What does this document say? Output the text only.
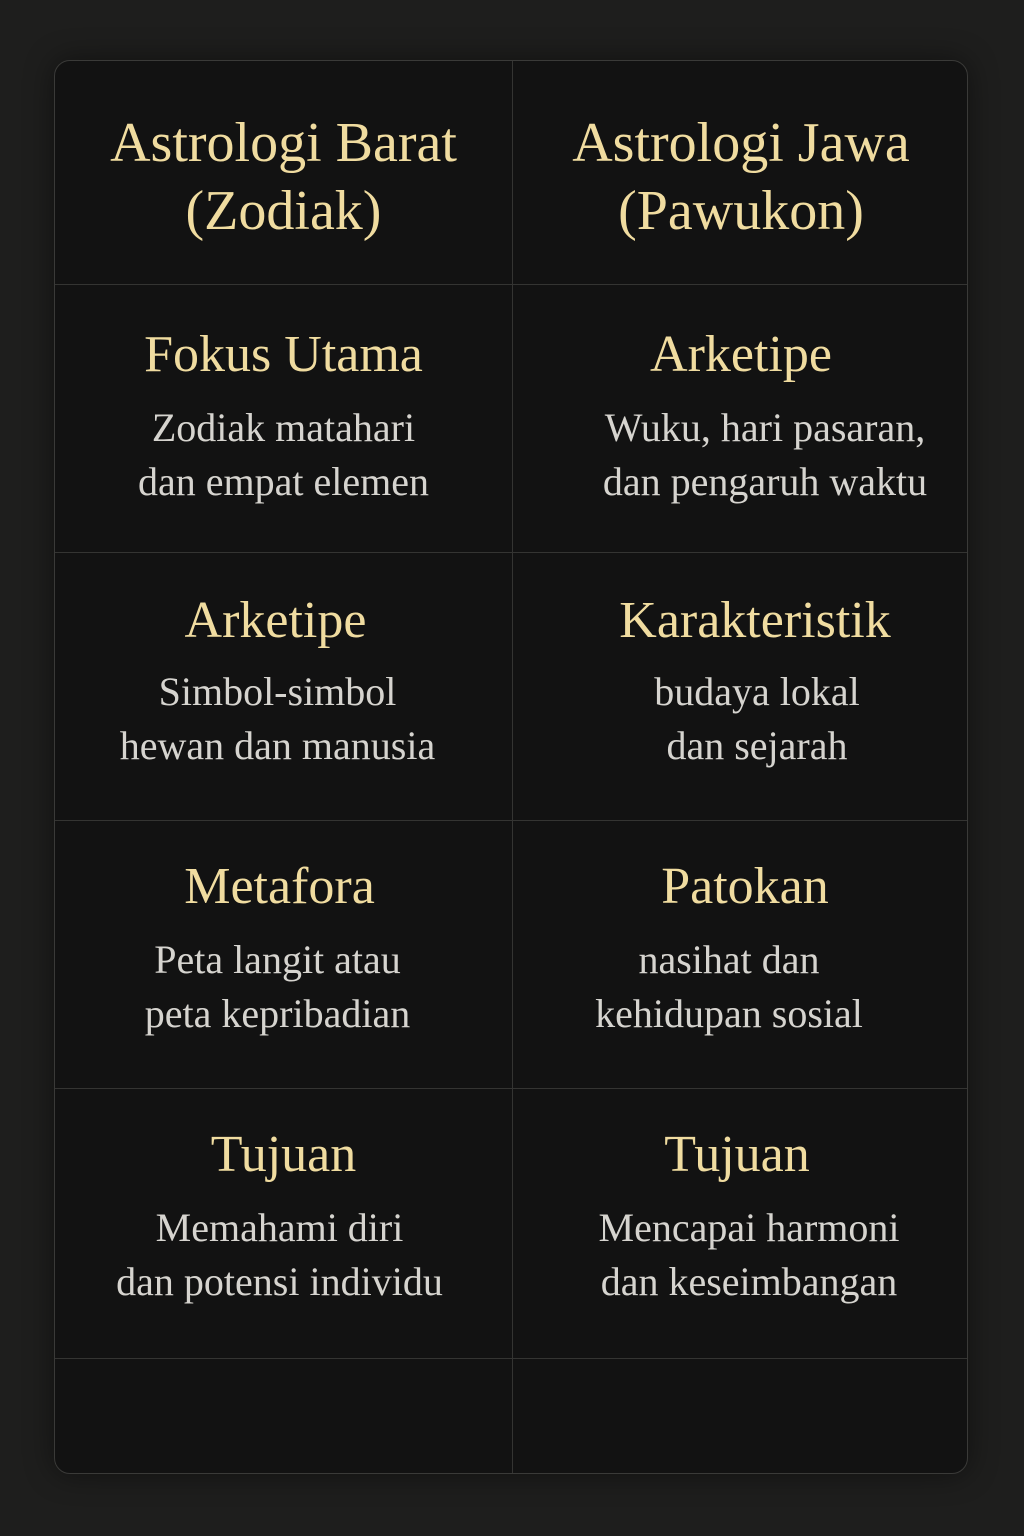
Astrologi Barat
(Zodiak)
Astrologi Jawa
(Pawukon)
Fokus Utama
Zodiak matahari
dan empat elemen
Arketipe
Wuku, hari pasaran,
dan pengaruh waktu
Arketipe
Simbol-simbol
hewan dan manusia
Karakteristik
budaya lokal
dan sejarah
Metafora
Peta langit atau
peta kepribadian
Patokan
nasihat dan
kehidupan sosial
Tujuan
Memahami diri
dan potensi individu
Tujuan
Mencapai harmoni
dan keseimbangan
